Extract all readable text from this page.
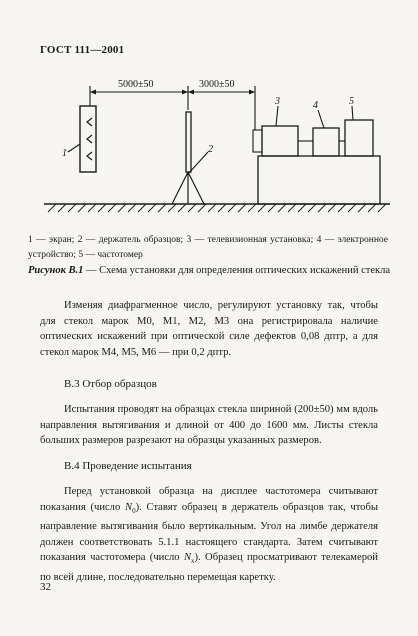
ГОСТ 111—2001
5000±50	3000±50
1	2
3	4	5
1 — экран; 2 — держатель образцов; 3 — телевизионная установка; 4 — электронное устройство; 5 — частотомер
Рисунок В.1 — Схема установки для определения оптических искажений стекла
Изменяя диафрагменное число, регулируют установку так, чтобы для стекол марок М0, М1, М2, М3 она регистрировала наличие оптических искажений при оптической силе дефектов 0,08 дптр, а для стекол марок М4, М5, М6 — при 0,2 дптр.
В.3 Отбор образцов
Испытания проводят на образцах стекла шириной (200±50) мм вдоль направления вытягивания и длиной от 400 до 1600 мм. Листы стекла больших размеров разрезают на образцы указанных размеров.
В.4 Проведение испытания
Перед установкой образца на дисплее частотомера считывают показания (число $N_0$). Ставят образец в держатель образцов так, чтобы направление вытягивания было вертикальным. Угол на лимбе держателя должен соответствовать 5.1.1 настоящего стандарта. Затем считывают показания частотомера (число $N_x$). Образец просматривают телекамерой по всей длине, последовательно перемещая каретку.
32
